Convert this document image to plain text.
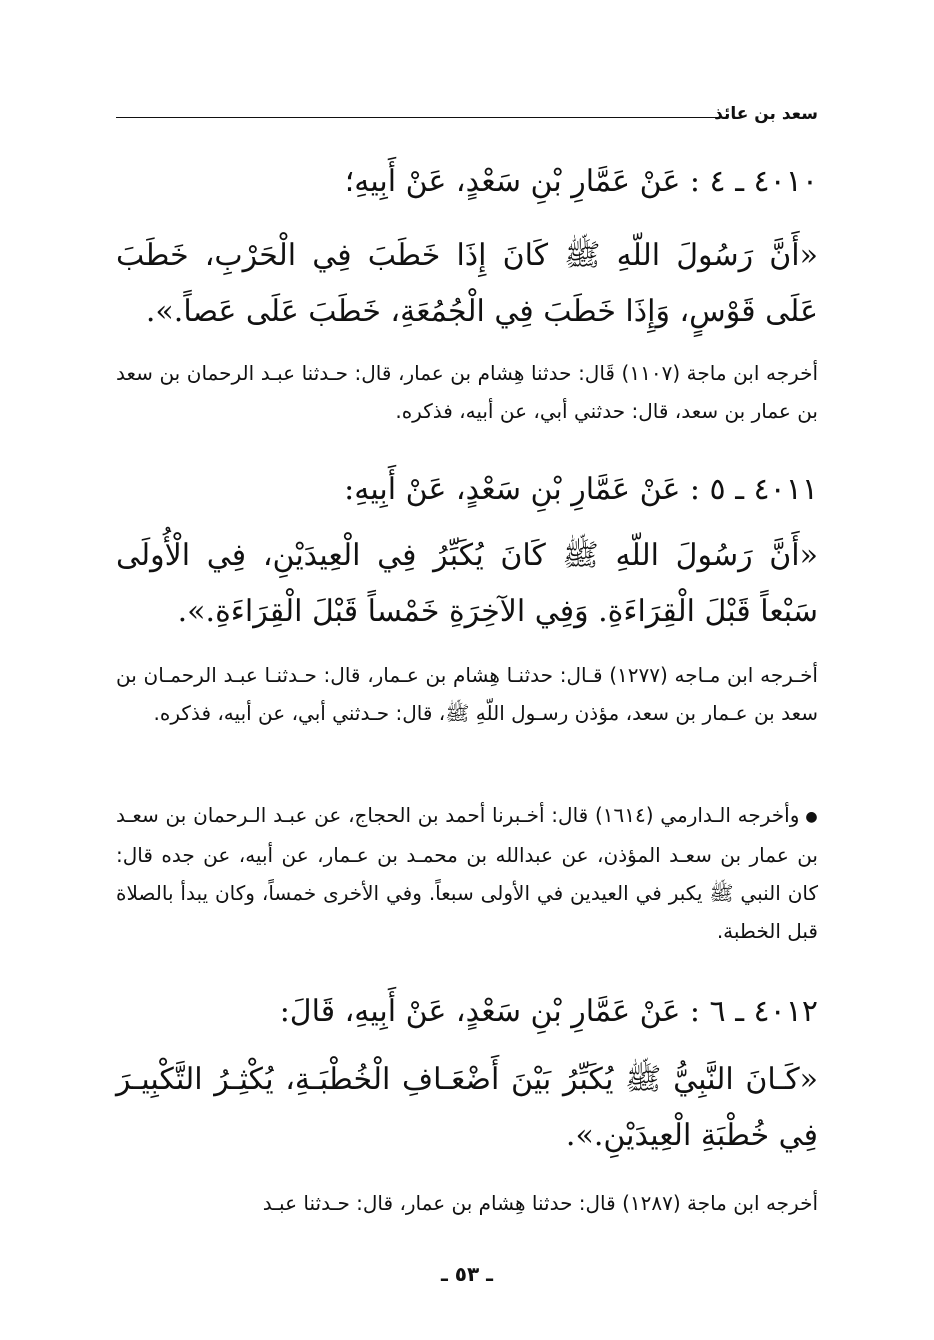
سعد بن عائذ
٤٠١٠ ـ ٤ : عَنْ عَمَّارِ بْنِ سَعْدٍ، عَنْ أَبِيهِ؛
«أَنَّ رَسُولَ اللّهِ ﷺ كَانَ إِذَا خَطَبَ فِي الْحَرْبِ، خَطَبَ عَلَى قَوْسٍ، وَإِذَا خَطَبَ فِي الْجُمُعَةِ، خَطَبَ عَلَى عَصاً.».
أخرجه ابن ماجة (١١٠٧) قَال: حدثنا هِشام بن عمار، قال: حـدثنا عبـد الرحمان بن سعد بن عمار بن سعد، قال: حدثني أبي، عن أبيه، فذكره.
٤٠١١ ـ ٥ : عَنْ عَمَّارِ بْنِ سَعْدٍ، عَنْ أَبِيهِ:
«أَنَّ رَسُولَ اللّهِ ﷺ كَانَ يُكَبِّرُ فِي الْعِيدَيْنِ، فِي الْأُولَى سَبْعاً قَبْلَ الْقِرَاءَةِ. وَفِي الآخِرَةِ خَمْساً قَبْلَ الْقِرَاءَةِ.».
أخـرجه ابن مـاجه (١٢٧٧) قـال: حدثنـا هِشام بن عـمار، قال: حـدثنـا عبـد الرحمـان بن سعد بن عـمار بن سعد، مؤذن رسـول اللّهِ ﷺ، قال: حـدثني أبي، عن أبيه، فذكره.
●وأخرجه الـدارمي (١٦١٤) قال: أخـبرنا أحمد بن الحجاج، عن عبـد الـرحمان بن سعـد بن عمار بن سعـد المؤذن، عن عبدالله بن محمـد بن عـمار، عن أبيه، عن جده قال: كان النبي ﷺ يكبر في العيدين في الأولى سبعاً. وفي الأخرى خمساً، وكان يبدأ بالصلاة قبل الخطبة.
٤٠١٢ ـ ٦ : عَنْ عَمَّارِ بْنِ سَعْدٍ، عَنْ أَبِيهِ، قَالَ:
«كَـانَ النَّبِيُّ ﷺ يُكَبِّرُ بَيْنَ أَضْعَـافِ الْخُطْبَـةِ، يُكْثِـرُ التَّكْبِيـرَ فِي خُطْبَةِ الْعِيدَيْنِ.».
أخرجه ابن ماجة (١٢٨٧) قال: حدثنا هِشام بن عمار، قال: حـدثنا عبـد
ـ ٥٣ ـ
